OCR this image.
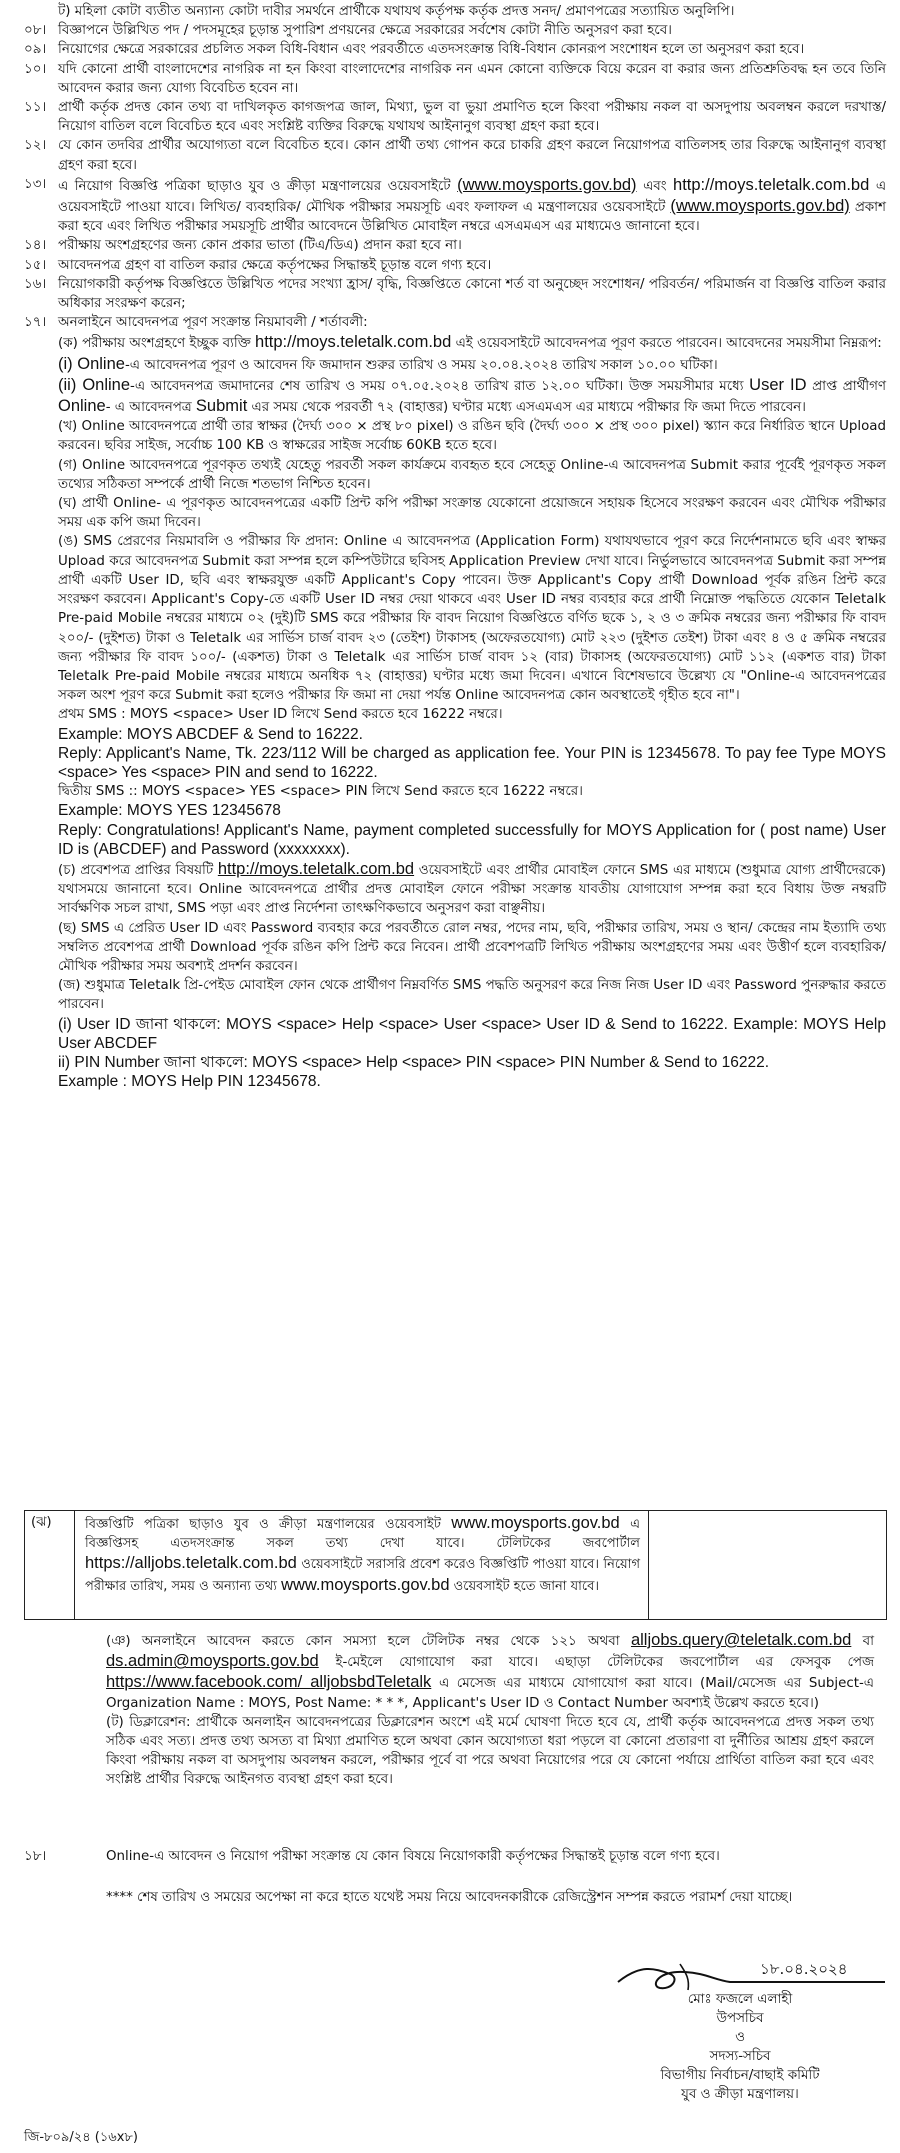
ট) মহিলা কোটা ব্যতীত অন্যান্য কোটা দাবীর সমর্থনে প্রার্থীকে যথাযথ কর্তৃপক্ষ কর্তৃক প্রদত্ত সনদ/ প্রমাণপত্রের সত্যায়িত অনুলিপি।
০৮। বিজ্ঞাপনে উল্লিখিত পদ / পদসমূহের চূড়ান্ত সুপারিশ প্রণয়নের ক্ষেত্রে সরকারের সর্বশেষ কোটা নীতি অনুসরণ করা হবে।
০৯। নিয়োগের ক্ষেত্রে সরকারের প্রচলিত সকল বিধি-বিধান এবং পরবর্তীতে এতদসংক্রান্ত বিধি-বিধান কোনরূপ সংশোধন হলে তা অনুসরণ করা হবে।
১০। যদি কোনো প্রার্থী বাংলাদেশের নাগরিক না হন কিংবা বাংলাদেশের নাগরিক নন এমন কোনো ব্যক্তিকে বিয়ে করেন বা করার জন্য প্রতিশ্রুতিবদ্ধ হন তবে তিনি আবেদন করার জন্য যোগ্য বিবেচিত হবেন না।
১১। প্রার্থী কর্তৃক প্রদত্ত কোন তথ্য বা দাখিলকৃত কাগজপত্র জাল, মিথ্যা, ভুল বা ভুয়া প্রমাণিত হলে কিংবা পরীক্ষায় নকল বা অসদুপায় অবলম্বন করলে দরখাস্ত/ নিয়োগ বাতিল বলে বিবেচিত হবে এবং সংশ্লিষ্ট ব্যক্তির বিরুদ্ধে যথাযথ আইনানুগ ব্যবস্থা গ্রহণ করা হবে।
১২। যে কোন তদবির প্রার্থীর অযোগ্যতা বলে বিবেচিত হবে। কোন প্রার্থী তথ্য গোপন করে চাকরি গ্রহণ করলে নিয়োগপত্র বাতিলসহ তার বিরুদ্ধে আইনানুগ ব্যবস্থা গ্রহণ করা হবে।
১৩। এ নিয়োগ বিজ্ঞপ্তি পত্রিকা ছাড়াও যুব ও ক্রীড়া মন্ত্রণালয়ের ওয়েবসাইটে (www.moysports.gov.bd) এবং http://moys.teletalk.com.bd এ ওয়েবসাইটে পাওয়া যাবে। লিখিত/ ব্যবহারিক/ মৌখিক পরীক্ষার সময়সূচি এবং ফলাফল এ মন্ত্রণালয়ের ওয়েবসাইটে (www.moysports.gov.bd) প্রকাশ করা হবে এবং লিখিত পরীক্ষার সময়সূচি প্রার্থীর আবেদনে উল্লিখিত মোবাইল নম্বরে এসএমএস এর মাধ্যমেও জানানো হবে।
১৪। পরীক্ষায় অংশগ্রহণের জন্য কোন প্রকার ভাতা (টিএ/ডিএ) প্রদান করা হবে না।
১৫। আবেদনপত্র গ্রহণ বা বাতিল করার ক্ষেত্রে কর্তৃপক্ষের সিদ্ধান্তই চূড়ান্ত বলে গণ্য হবে।
১৬। নিয়োগকারী কর্তৃপক্ষ বিজ্ঞপ্তিতে উল্লিখিত পদের সংখ্যা হ্রাস/ বৃদ্ধি, বিজ্ঞপ্তিতে কোনো শর্ত বা অনুচ্ছেদ সংশোধন/ পরিবর্তন/ পরিমার্জন বা বিজ্ঞপ্তি বাতিল করার অধিকার সংরক্ষণ করেন;
১৭। অনলাইনে আবেদনপত্র পূরণ সংক্রান্ত নিয়মাবলী / শর্তাবলী:
(ক) পরীক্ষায় অংশগ্রহণে ইচ্ছুক ব্যক্তি http://moys.teletalk.com.bd এই ওয়েবসাইটে আবেদনপত্র পূরণ করতে পারবেন। আবেদনের সময়সীমা নিম্নরূপ:
(i) Online-এ আবেদনপত্র পূরণ ও আবেদন ফি জমাদান শুরুর তারিখ ও সময় ২০.০৪.২০২৪ তারিখ সকাল ১০.০০ ঘটিকা।
(ii) Online-এ আবেদনপত্র জমাদানের শেষ তারিখ ও সময় ০৭.০৫.২০২৪ তারিখ রাত ১২.০০ ঘটিকা। উক্ত সময়সীমার মধ্যে User ID প্রাপ্ত প্রার্থীগণ Online- এ আবেদনপত্র Submit এর সময় থেকে পরবর্তী ৭২ (বাহাত্তর) ঘণ্টার মধ্যে এসএমএস এর মাধ্যমে পরীক্ষার ফি জমা দিতে পারবেন।
(খ) Online আবেদনপত্রে প্রার্থী তার স্বাক্ষর (দৈর্ঘ্য ৩০০ × প্রস্থ ৮০ pixel) ও রঙিন ছবি (দৈর্ঘ্য ৩০০ × প্রস্থ ৩০০ pixel) স্ক্যান করে নির্ধারিত স্থানে Upload করবেন। ছবির সাইজ, সর্বোচ্চ 100 KB ও স্বাক্ষরের সাইজ সর্বোচ্চ 60KB হতে হবে।
(গ) Online আবেদনপত্রে পূরণকৃত তথ্যই যেহেতু পরবর্তী সকল কার্যক্রমে ব্যবহৃত হবে সেহেতু Online-এ আবেদনপত্র Submit করার পূর্বেই পূরণকৃত সকল তথ্যের সঠিকতা সম্পর্কে প্রার্থী নিজে শতভাগ নিশ্চিত হবেন।
(ঘ) প্রার্থী Online- এ পূরণকৃত আবেদনপত্রের একটি প্রিন্ট কপি পরীক্ষা সংক্রান্ত যেকোনো প্রয়োজনে সহায়ক হিসেবে সংরক্ষণ করবেন এবং মৌখিক পরীক্ষার সময় এক কপি জমা দিবেন।
(ঙ) SMS প্রেরণের নিয়মাবলি ও পরীক্ষার ফি প্রদান: Online এ আবেদনপত্র (Application Form) যথাযথভাবে পূরণ করে নির্দেশনামতে ছবি এবং স্বাক্ষর Upload করে আবেদনপত্র Submit করা সম্পন্ন হলে কম্পিউটারে ছবিসহ Application Preview দেখা যাবে। নির্ভুলভাবে আবেদনপত্র Submit করা সম্পন্ন প্রার্থী একটি User ID, ছবি এবং স্বাক্ষরযুক্ত একটি Applicant's Copy পাবেন। উক্ত Applicant's Copy প্রার্থী Download পূর্বক রঙিন প্রিন্ট করে সংরক্ষণ করবেন। Applicant's Copy-তে একটি User ID নম্বর দেয়া থাকবে এবং User ID নম্বর ব্যবহার করে প্রার্থী নিম্নোক্ত পদ্ধতিতে যেকোন Teletalk Pre-paid Mobile নম্বরের মাধ্যমে ০২ (দুই)টি SMS করে পরীক্ষার ফি বাবদ নিয়োগ বিজ্ঞপ্তিতে বর্ণিত ছকে ১, ২ ও ৩ ক্রমিক নম্বরের জন্য পরীক্ষার ফি বাবদ ২০০/- (দুইশত) টাকা ও Teletalk এর সার্ভিস চার্জ বাবদ ২৩ (তেইশ) টাকাসহ (অফেরতযোগ্য) মোট ২২৩ (দুইশত তেইশ) টাকা এবং ৪ ও ৫ ক্রমিক নম্বরের জন্য পরীক্ষার ফি বাবদ ১০০/- (একশত) টাকা ও Teletalk এর সার্ভিস চার্জ বাবদ ১২ (বার) টাকাসহ (অফেরতযোগ্য) মোট ১১২ (একশত বার) টাকা Teletalk Pre-paid Mobile নম্বরের মাধ্যমে অনধিক ৭২ (বাহাত্তর) ঘণ্টার মধ্যে জমা দিবেন। এখানে বিশেষভাবে উল্লেখ্য যে "Online-এ আবেদনপত্রের সকল অংশ পূরণ করে Submit করা হলেও পরীক্ষার ফি জমা না দেয়া পর্যন্ত Online আবেদনপত্র কোন অবস্থাতেই গৃহীত হবে না"।
প্রথম SMS : MOYS <space> User ID লিখে Send করতে হবে 16222 নম্বরে।
Example: MOYS ABCDEF & Send to 16222.
Reply: Applicant's Name, Tk. 223/112 Will be charged as application fee. Your PIN is 12345678. To pay fee Type MOYS <space> Yes <space> PIN and send to 16222.
দ্বিতীয় SMS :: MOYS <space> YES <space> PIN লিখে Send করতে হবে 16222 নম্বরে।
Example: MOYS YES 12345678
Reply: Congratulations! Applicant's Name, payment completed successfully for MOYS Application for ( post name) User ID is (ABCDEF) and Password (xxxxxxxx).
(চ) প্রবেশপত্র প্রাপ্তির বিষয়টি http://moys.teletalk.com.bd ওয়েবসাইটে এবং প্রার্থীর মোবাইল ফোনে SMS এর মাধ্যমে (শুধুমাত্র যোগ্য প্রার্থীদেরকে) যথাসময়ে জানানো হবে। Online আবেদনপত্রে প্রার্থীর প্রদত্ত মোবাইল ফোনে পরীক্ষা সংক্রান্ত যাবতীয় যোগাযোগ সম্পন্ন করা হবে বিধায় উক্ত নম্বরটি সার্বক্ষণিক সচল রাখা, SMS পড়া এবং প্রাপ্ত নির্দেশনা তাৎক্ষণিকভাবে অনুসরণ করা বাঞ্ছনীয়।
(ছ) SMS এ প্রেরিত User ID এবং Password ব্যবহার করে পরবর্তীতে রোল নম্বর, পদের নাম, ছবি, পরীক্ষার তারিখ, সময় ও স্থান/ কেন্দ্রের নাম ইত্যাদি তথ্য সম্বলিত প্রবেশপত্র প্রার্থী Download পূর্বক রঙিন কপি প্রিন্ট করে নিবেন। প্রার্থী প্রবেশপত্রটি লিখিত পরীক্ষায় অংশগ্রহণের সময় এবং উত্তীর্ণ হলে ব্যবহারিক/ মৌখিক পরীক্ষার সময় অবশ্যই প্রদর্শন করবেন।
(জ) শুধুমাত্র Teletalk প্রি-পেইড মোবাইল ফোন থেকে প্রার্থীগণ নিম্নবর্ণিত SMS পদ্ধতি অনুসরণ করে নিজ নিজ User ID এবং Password পুনরুদ্ধার করতে পারবেন।
(i) User ID জানা থাকলে: MOYS <space> Help <space> User <space> User ID & Send to 16222. Example: MOYS Help User ABCDEF
ii) PIN Number জানা থাকলে: MOYS <space> Help <space> PIN <space> PIN Number & Send to 16222.
Example : MOYS Help PIN 12345678.
(ঝ)	বিজ্ঞপ্তিটি পত্রিকা ছাড়াও যুব ও ক্রীড়া মন্ত্রণালয়ের ওয়েবসাইট www.moysports.gov.bd এ বিজ্ঞপ্তিসহ এতদসংক্রান্ত সকল তথ্য দেখা যাবে। টেলিটকের জবপোর্টাল https://alljobs.teletalk.com.bd ওয়েবসাইটে সরাসরি প্রবেশ করেও বিজ্ঞপ্তিটি পাওয়া যাবে। নিয়োগ পরীক্ষার তারিখ, সময় ও অন্যান্য তথ্য www.moysports.gov.bd ওয়েবসাইট হতে জানা যাবে।
(ঞ) অনলাইনে আবেদন করতে কোন সমস্যা হলে টেলিটক নম্বর থেকে ১২১ অথবা alljobs.query@teletalk.com.bd বা ds.admin@moysports.gov.bd ই-মেইলে যোগাযোগ করা যাবে। এছাড়া টেলিটকের জবপোর্টাল এর ফেসবুক পেজ https://www.facebook.com/ alljobsbdTeletalk এ মেসেজ এর মাধ্যমে যোগাযোগ করা যাবে। (Mail/মেসেজ এর Subject-এ Organization Name : MOYS, Post Name: * * *, Applicant's User ID ও Contact Number অবশ্যই উল্লেখ করতে হবে।)
(ট) ডিক্লারেশন: প্রার্থীকে অনলাইন আবেদনপত্রের ডিক্লারেশন অংশে এই মর্মে ঘোষণা দিতে হবে যে, প্রার্থী কর্তৃক আবেদনপত্রে প্রদত্ত সকল তথ্য সঠিক এবং সত্য। প্রদত্ত তথ্য অসত্য বা মিথ্যা প্রমাণিত হলে অথবা কোন অযোগ্যতা ধরা পড়লে বা কোনো প্রতারণা বা দুর্নীতির আশ্রয় গ্রহণ করলে কিংবা পরীক্ষায় নকল বা অসদুপায় অবলম্বন করলে, পরীক্ষার পূর্বে বা পরে অথবা নিয়োগের পরে যে কোনো পর্যায়ে প্রার্থিতা বাতিল করা হবে এবং সংশ্লিষ্ট প্রার্থীর বিরুদ্ধে আইনগত ব্যবস্থা গ্রহণ করা হবে।
১৮।	Online-এ আবেদন ও নিয়োগ পরীক্ষা সংক্রান্ত যে কোন বিষয়ে নিয়োগকারী কর্তৃপক্ষের সিদ্ধান্তই চূড়ান্ত বলে গণ্য হবে।
**** শেষ তারিখ ও সময়ের অপেক্ষা না করে হাতে যথেষ্ট সময় নিয়ে আবেদনকারীকে রেজিস্ট্রেশন সম্পন্ন করতে পরামর্শ দেয়া যাচ্ছে।
১৮.০৪.২০২৪
মোঃ ফজলে এলাহী
উপসচিব
ও
সদস্য-সচিব
বিভাগীয় নির্বাচন/বাছাই কমিটি
যুব ও ক্রীড়া মন্ত্রণালয়।
জি-৮০৯/২৪ (১৬x৮)
